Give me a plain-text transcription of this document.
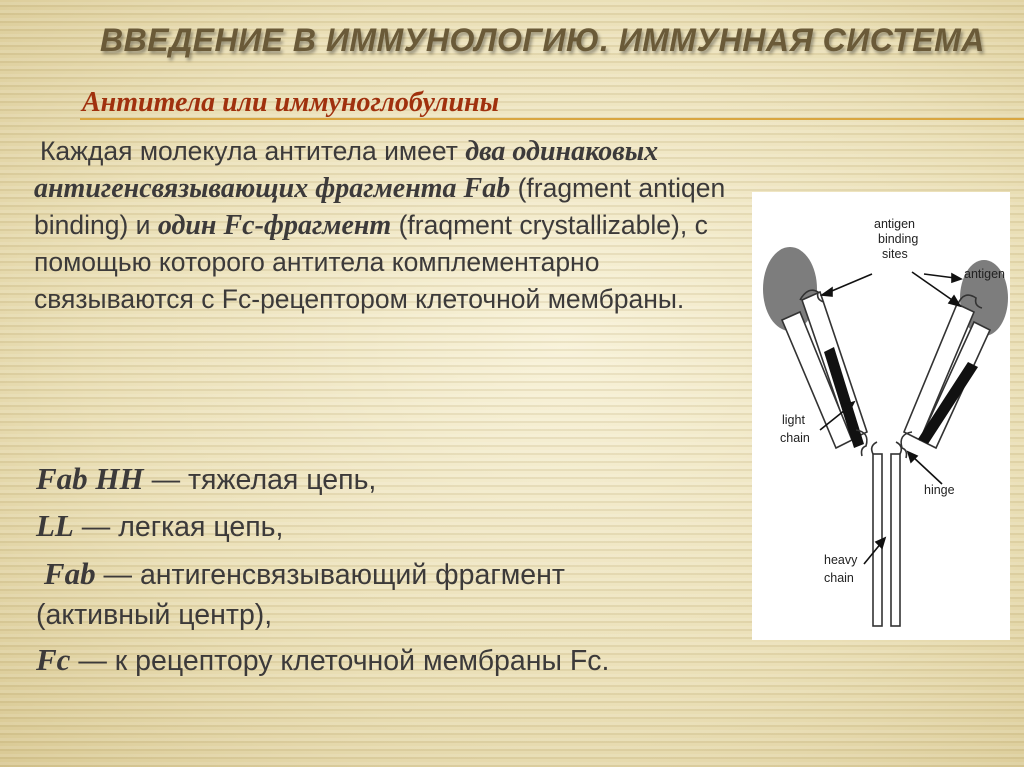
ВВЕДЕНИЕ В ИММУНОЛОГИЮ. ИММУННАЯ СИСТЕМА
Антитела или иммуноглобулины
Каждая молекула антитела имеет два одинаковых антигенсвязывающих фрагмента Fab (fragment antiqen binding) и один Fc-фрагмент (fraqment crystallizable), с помощью которого антитела комплементарно связываются с Fc-рецептором клеточной мембраны.
Fab HH — тяжелая цепь,
LL — легкая цепь,
Fab — антигенсвязывающий фрагмент
(активный центр),
Fc — к рецептору клеточной мембраны Fc.
antigen
binding
sites
antigen
light
chain
hinge
heavy
chain
